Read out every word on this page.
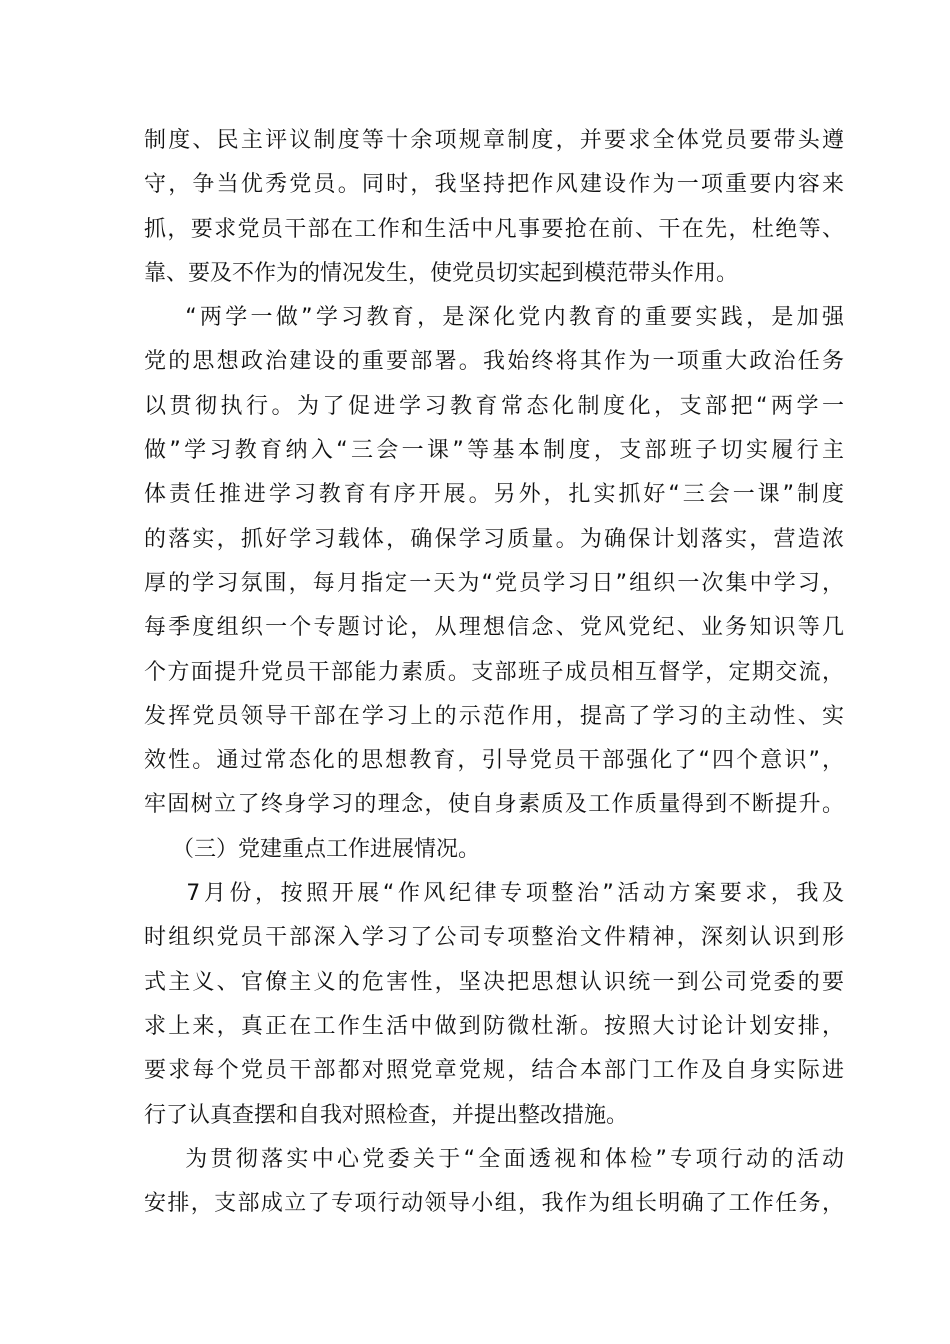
制度、民主评议制度等十余项规章制度，并要求全体党员要带头遵
守，争当优秀党员。同时，我坚持把作风建设作为一项重要内容来
抓，要求党员干部在工作和生活中凡事要抢在前、干在先，杜绝等、
靠、要及不作为的情况发生，使党员切实起到模范带头作用。
“两学一做”学习教育，是深化党内教育的重要实践，是加强
党的思想政治建设的重要部署。我始终将其作为一项重大政治任务
以贯彻执行。为了促进学习教育常态化制度化，支部把“两学一
做”学习教育纳入“三会一课”等基本制度，支部班子切实履行主
体责任推进学习教育有序开展。另外，扎实抓好“三会一课”制度
的落实，抓好学习载体，确保学习质量。为确保计划落实，营造浓
厚的学习氛围，每月指定一天为“党员学习日”组织一次集中学习，
每季度组织一个专题讨论，从理想信念、党风党纪、业务知识等几
个方面提升党员干部能力素质。支部班子成员相互督学，定期交流，
发挥党员领导干部在学习上的示范作用，提高了学习的主动性、实
效性。通过常态化的思想教育，引导党员干部强化了“四个意识”，
牢固树立了终身学习的理念，使自身素质及工作质量得到不断提升。
（三）党建重点工作进展情况。
7月份，按照开展“作风纪律专项整治”活动方案要求，我及
时组织党员干部深入学习了公司专项整治文件精神，深刻认识到形
式主义、官僚主义的危害性，坚决把思想认识统一到公司党委的要
求上来，真正在工作生活中做到防微杜渐。按照大讨论计划安排，
要求每个党员干部都对照党章党规，结合本部门工作及自身实际进
行了认真查摆和自我对照检查，并提出整改措施。
为贯彻落实中心党委关于“全面透视和体检”专项行动的活动
安排，支部成立了专项行动领导小组，我作为组长明确了工作任务，
